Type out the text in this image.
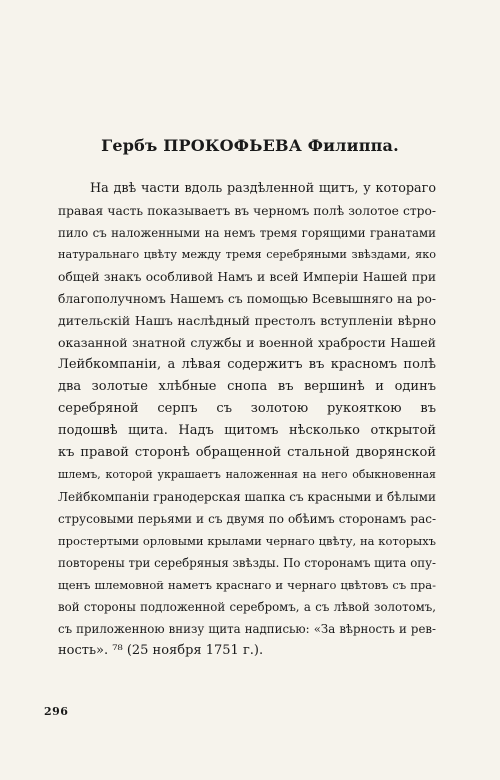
Гербъ ПРОКОФЬЕВА Филиппа.
На двѣ части вдоль раздѣленной щитъ, у котораго
правая часть показываетъ въ черномъ полѣ золотое стро-
пило съ наложенными на немъ тремя горящими гранатами
натуральнаго цвѣту между тремя серебряными звѣздами, яко
общей знакъ особливой Намъ и всей Имперіи Нашей при
благополучномъ Нашемъ съ помощью Всевышняго на ро-
дительскій Нашъ наслѣдный престолъ вступленіи вѣрно
оказанной знатной службы и военной храбрости Нашей
Лейбкомпаніи, а лѣвая содержитъ въ красномъ полѣ
два золотые хлѣбные снопа въ вершинѣ и одинъ
серебряной серпъ съ золотою рукояткою въ
подошвѣ щита. Надъ щитомъ нѣсколько открытой
къ правой сторонѣ обращенной стальной дворянской
шлемъ, которой украшаетъ наложенная на него обыкновенная
Лейбкомпаніи гранодерская шапка съ красными и бѣлыми
струсовыми перьями и съ двумя по обѣимъ сторонамъ рас-
простертыми орловыми крылами чернаго цвѣту, на которыхъ
повторены три серебряныя звѣзды. По сторонамъ щита опу-
щенъ шлемовной наметъ краснаго и чернаго цвѣтовъ съ пра-
вой стороны подложенной серебромъ, а съ лѣвой золотомъ,
съ приложенною внизу щита надписью: «За вѣрность и рев-
ность». ⁷⁸ (25 ноября 1751 г.).
296
